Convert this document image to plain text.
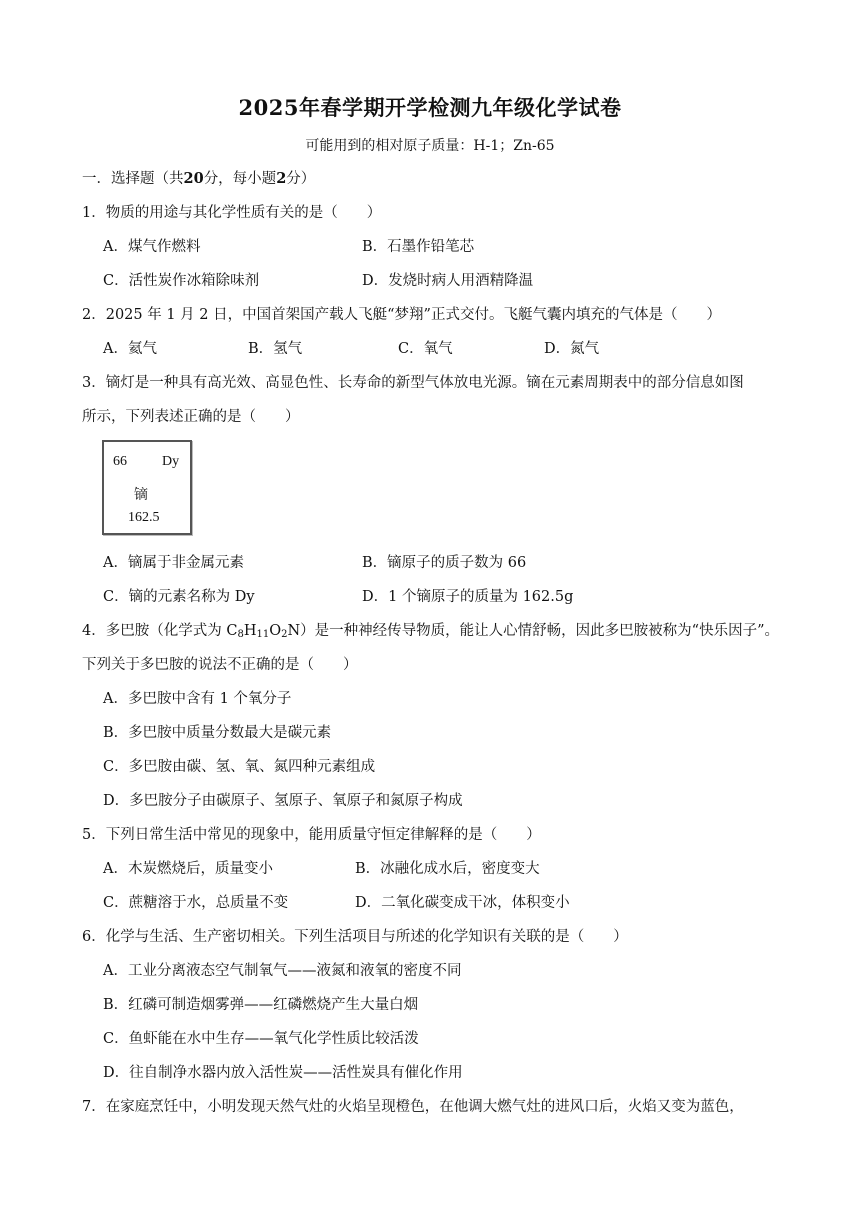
2025年春学期开学检测九年级化学试卷
可能用到的相对原子质量：H-1；Zn-65
一．选择题（共20分，每小题2分）
1．物质的用途与其化学性质有关的是（　　）
A．煤气作燃料	B．石墨作铅笔芯
C．活性炭作冰箱除味剂	D．发烧时病人用酒精降温
2．2025 年 1 月 2 日，中国首架国产载人飞艇“梦翔”正式交付。飞艇气囊内填充的气体是（　　）
A．氦气	B．氢气	C．氧气	D．氮气
3．镝灯是一种具有高光效、高显色性、长寿命的新型气体放电光源。镝在元素周期表中的部分信息如图
所示，下列表述正确的是（　　）
66	Dy
镝
162.5
A．镝属于非金属元素	B．镝原子的质子数为 66
C．镝的元素名称为 Dy	D．1 个镝原子的质量为 162.5g
4．多巴胺（化学式为 $C_8H_{11}O_2N$）是一种神经传导物质，能让人心情舒畅，因此多巴胺被称为“快乐因子”。
下列关于多巴胺的说法不正确的是（　　）
A．多巴胺中含有 1 个氧分子
B．多巴胺中质量分数最大是碳元素
C．多巴胺由碳、氢、氧、氮四种元素组成
D．多巴胺分子由碳原子、氢原子、氧原子和氮原子构成
5．下列日常生活中常见的现象中，能用质量守恒定律解释的是（　　）
A．木炭燃烧后，质量变小	B．冰融化成水后，密度变大
C．蔗糖溶于水，总质量不变	D．二氧化碳变成干冰，体积变小
6．化学与生活、生产密切相关。下列生活项目与所述的化学知识有关联的是（　　）
A．工业分离液态空气制氧气——液氮和液氧的密度不同
B．红磷可制造烟雾弹——红磷燃烧产生大量白烟
C．鱼虾能在水中生存——氧气化学性质比较活泼
D．往自制净水器内放入活性炭——活性炭具有催化作用
7．在家庭烹饪中，小明发现天然气灶的火焰呈现橙色，在他调大燃气灶的进风口后，火焰又变为蓝色，
